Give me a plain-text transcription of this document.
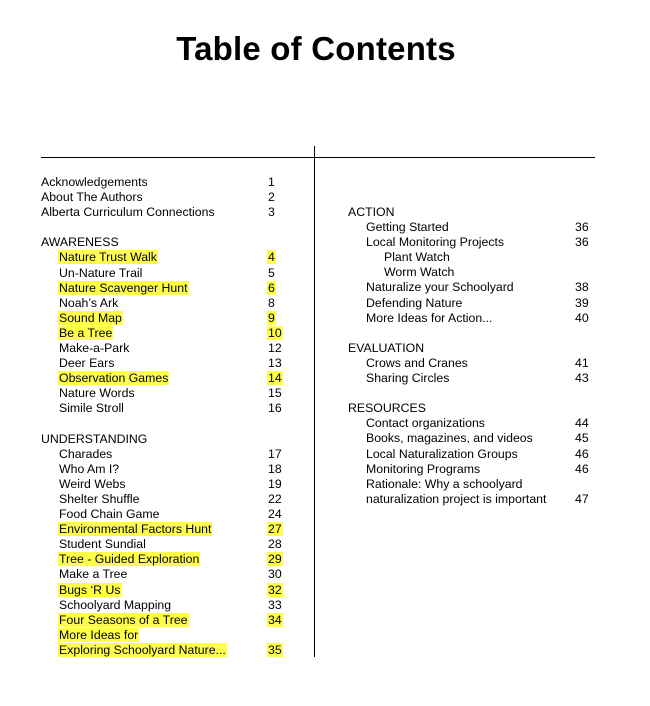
Table of Contents
Acknowledgements	1
About The Authors	2
Alberta Curriculum Connections	3
AWARENESS
Nature Trust Walk	4
Un-Nature Trail	5
Nature Scavenger Hunt	6
Noah’s Ark	8
Sound Map	9
Be a Tree	10
Make-a-Park	12
Deer Ears	13
Observation Games	14
Nature Words	15
Simile Stroll	16
UNDERSTANDING
Charades	17
Who Am I?	18
Weird Webs	19
Shelter Shuffle	22
Food Chain Game	24
Environmental Factors Hunt	27
Student Sundial	28
Tree - Guided Exploration	29
Make a Tree	30
Bugs ‘R Us	32
Schoolyard Mapping	33
Four Seasons of a Tree	34
More Ideas for
Exploring Schoolyard Nature...	35
ACTION
Getting Started	36
Local Monitoring Projects	36
Plant Watch
Worm Watch
Naturalize your Schoolyard	38
Defending Nature	39
More Ideas for Action...	40
EVALUATION
Crows and Cranes	41
Sharing Circles	43
RESOURCES
Contact organizations	44
Books, magazines, and videos	45
Local Naturalization Groups	46
Monitoring Programs	46
Rationale: Why a schoolyard
naturalization project is important 47
